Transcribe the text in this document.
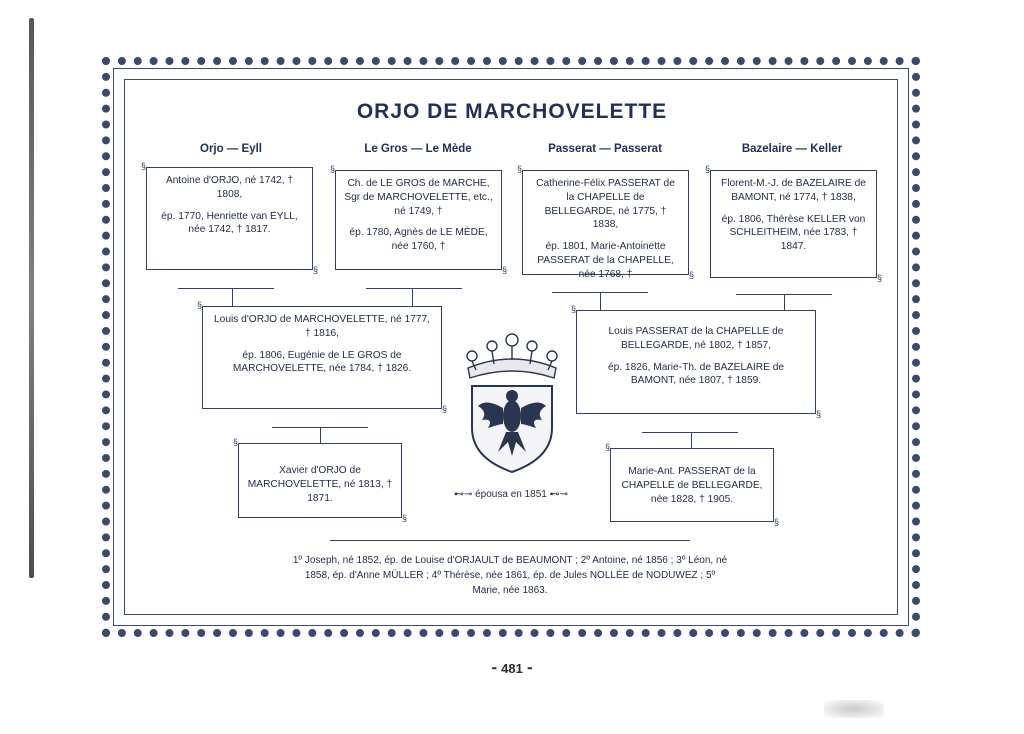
ORJO DE MARCHOVELETTE
Orjo — Eyll	Le Gros — Le Mède	Passerat — Passerat	Bazelaire — Keller

§ Antoine d'ORJO, né 1742, † 1808,

ép. 1770, Henriette van EYLL, née 1742, † 1817.

§

§ Ch. de LE GROS de MARCHE, Sgr de MARCHOVELETTE, etc., né 1749, †

ép. 1780, Agnès de LE MÈDE, née 1760, †

§

§ Catherine-Félix PASSERAT de la CHAPELLE de BELLEGARDE, né 1775, † 1838,

ép. 1801, Marie-Antoinette PASSERAT de la CHAPELLE, née 1768, †

§

§ Florent-M.-J. de BAZELAIRE de BAMONT, né 1774, † 1838,

ép. 1806, Thérèse KELLER von SCHLEITHEIM, née 1783, † 1847.

§

§ Louis d'ORJO de MARCHOVELETTE, né 1777, † 1816,

ép. 1806, Eugénie de LE GROS de MARCHOVELETTE, née 1784, † 1826.

§

§ Louis PASSERAT de la CHAPELLE de BELLEGARDE, né 1802, † 1857,

ép. 1826, Marie-Th. de BAZELAIRE de BAMONT, née 1807, † 1859.

§

§ Xavier d'ORJO de MARCHOVELETTE, né 1813, † 1871.

§

§ Marie-Ant. PASSERAT de la CHAPELLE de BELLEGARDE, née 1828, † 1905.

§
⊷⊸ épousa en 1851 ⊷⊸
1º Joseph, né 1852, ép. de Louise d'ORJAULT de BEAUMONT ; 2º Antoine, né 1856 ; 3º Léon, né 1858, ép. d'Anne MÜLLER ; 4º Thérèse, née 1861, ép. de Jules NOLLÉE de NODUWEZ ; 5º Marie, née 1863.
⁃ 481 ⁃
